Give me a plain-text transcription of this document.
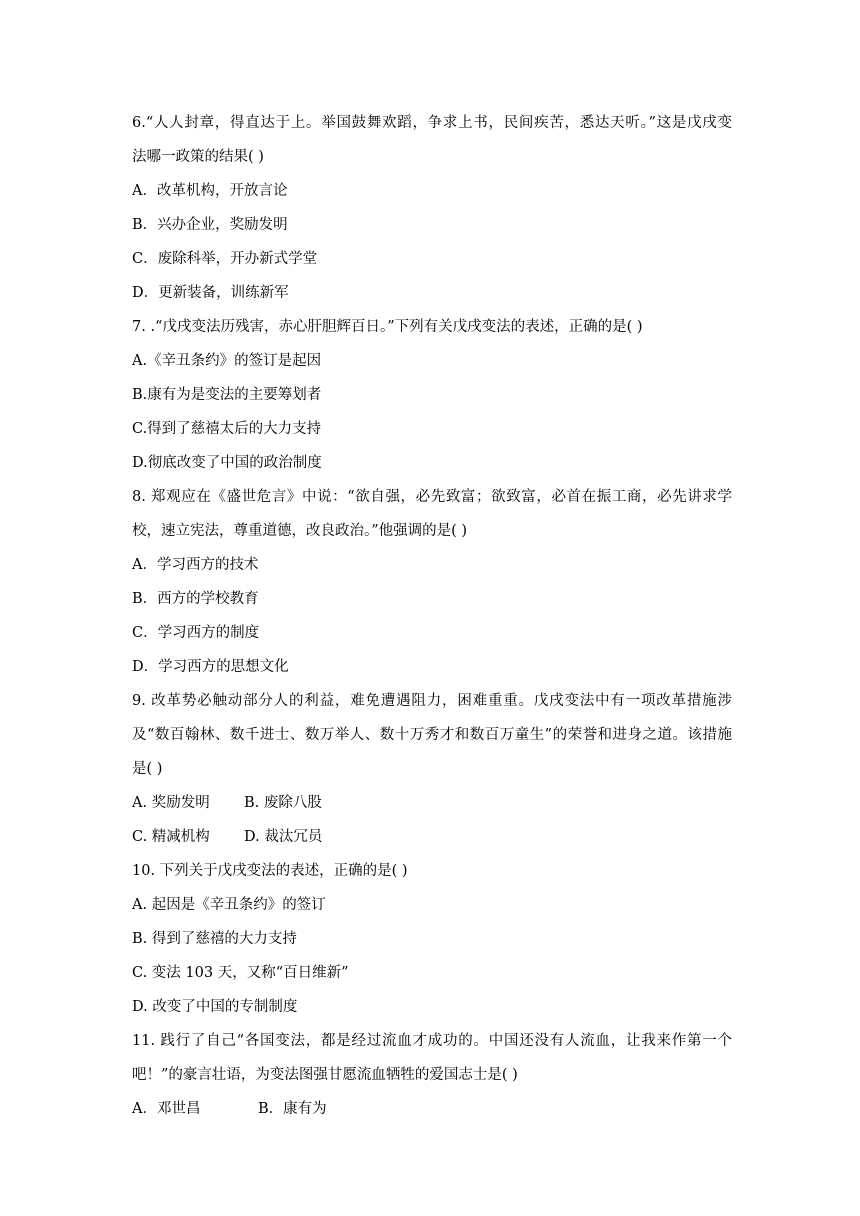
6.“人人封章，得直达于上。举国鼓舞欢蹈，争求上书，民间疾苦，悉达天听。”这是戊戌变
法哪一政策的结果( )
A．改革机构，开放言论
B．兴办企业，奖励发明
C．废除科举，开办新式学堂
D．更新装备，训练新军
7. .“戊戌变法历残害，赤心肝胆辉百日。”下列有关戊戌变法的表述，正确的是( )
A.《辛丑条约》的签订是起因
B.康有为是变法的主要筹划者
C.得到了慈禧太后的大力支持
D.彻底改变了中国的政治制度
8. 郑观应在《盛世危言》中说：“欲自强，必先致富；欲致富，必首在振工商，必先讲求学
校，速立宪法，尊重道德，改良政治。”他强调的是( )
A．学习西方的技术
B．西方的学校教育
C．学习西方的制度
D．学习西方的思想文化
9. 改革势必触动部分人的利益，难免遭遇阻力，困难重重。戊戌变法中有一项改革措施涉
及“数百翰林、数千进士、数万举人、数十万秀才和数百万童生”的荣誉和进身之道。该措施
是( )
A. 奖励发明 B. 废除八股
C. 精减机构 D. 裁汰冗员
10. 下列关于戊戌变法的表述，正确的是( )
A. 起因是《辛丑条约》的签订
B. 得到了慈禧的大力支持
C. 变法 103 天，又称“百日维新”
D. 改变了中国的专制制度
11. 践行了自己“各国变法，都是经过流血才成功的。中国还没有人流血，让我来作第一个
吧！”的豪言壮语，为变法图强甘愿流血牺牲的爱国志士是( )
A．邓世昌	B．康有为
